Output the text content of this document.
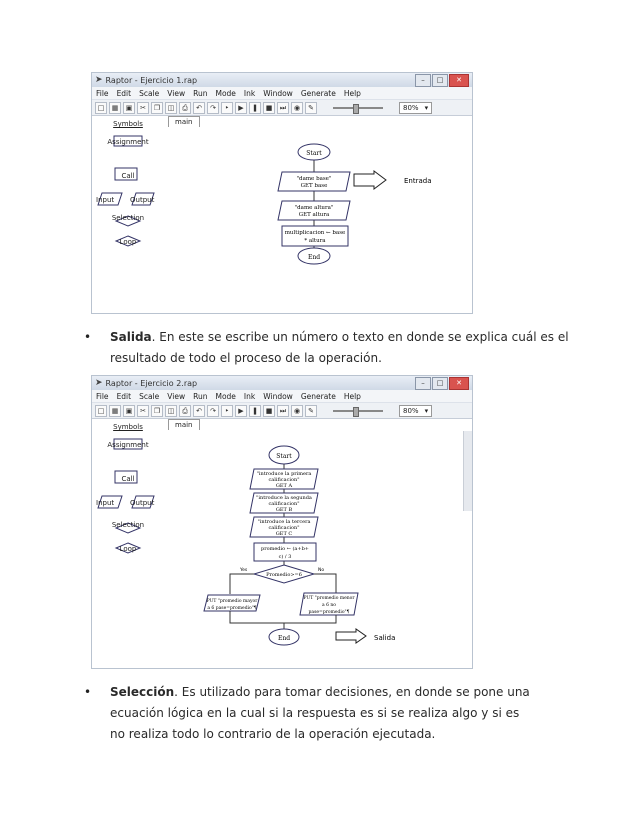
➤ Raptor - Ejercicio 1.rap	–	□	✕
File Edit Scale View Run Mode Ink Window Generate Help
□	▦	▣	✂	❐	◫	⎙	↶	↷	‣	▶	❚	■	⏭	◉	✎	80% ▾
Symbols
Assignment
Call
Input Output
Selection
Loop
main
Start
"dame base"
GET base
Entrada
"dame altura"
GET altura
multiplicacion ← base
* altura
End
• Salida. En este se escribe un número o texto en donde se explica cuál es el resultado de todo el proceso de la operación.
➤ Raptor - Ejercicio 2.rap	–	□	✕
File Edit Scale View Run Mode Ink Window Generate Help
□	▦	▣	✂	❐	◫	⎙	↶	↷	‣	▶	❚	■	⏭	◉	✎	80% ▾
Symbols
Assignment
Call
Input Output
Selection
Loop
main
Start
"introduce la primera
calificacion"
GET A
"introduce la segunda
calificacion"
GET B
"introduce la tercera
calificacion"
GET C
promedio ← (a+b+
c) / 3
Promedio>=6
Yes	No
PUT "promedio mayor
a 6 pase=promedio"¶
PUT "promedio menor
a 6 no
pase=promedio"¶
End	Salida
• Selección. Es utilizado para tomar decisiones, en donde se pone una ecuación lógica en la cual si la respuesta es si se realiza algo y si es no realiza todo lo contrario de la operación ejecutada.
